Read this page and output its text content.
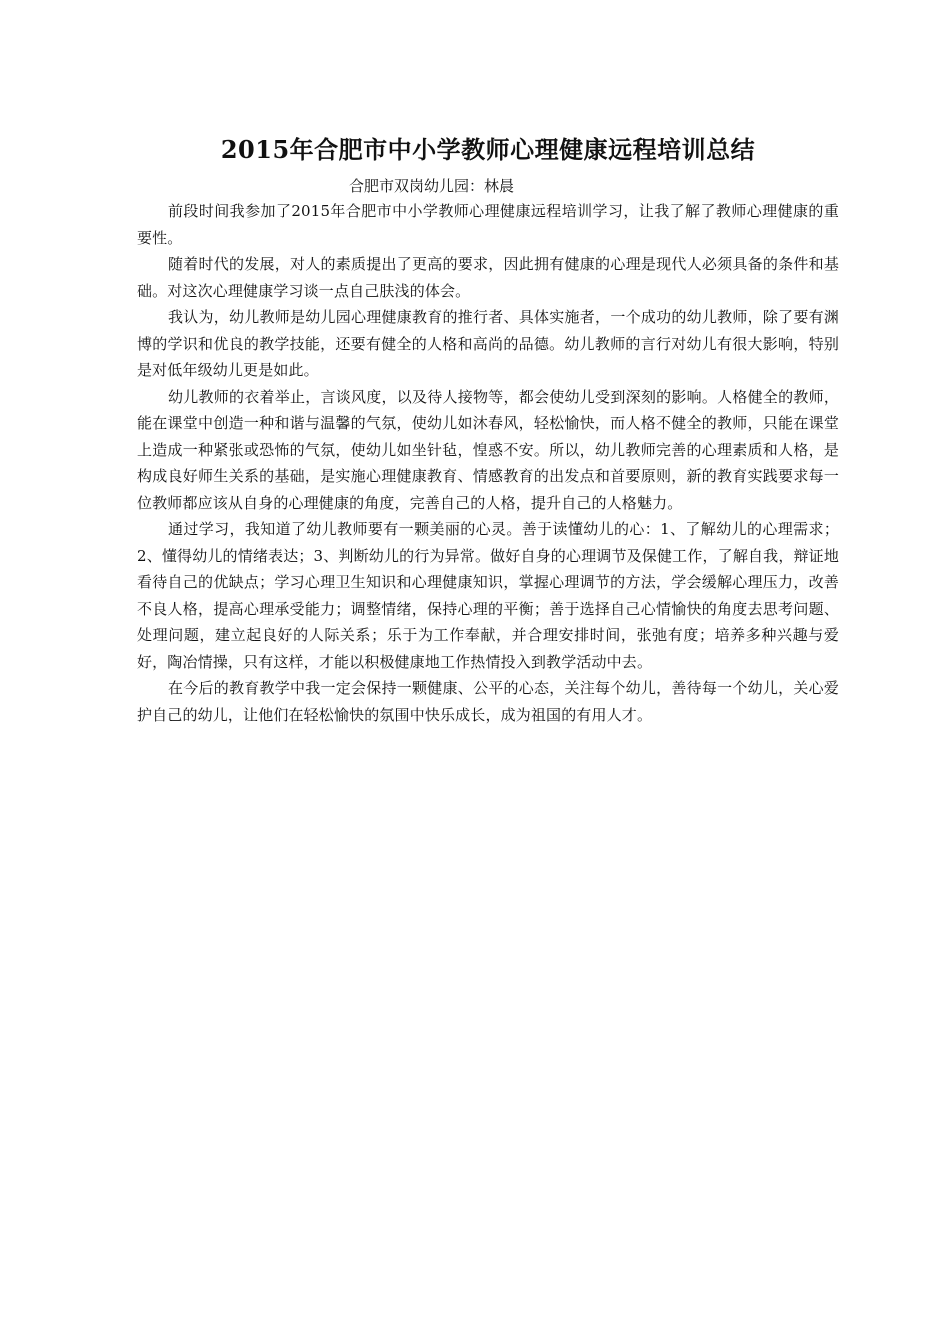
2015年合肥市中小学教师心理健康远程培训总结

合肥市双岗幼儿园：林晨

前段时间我参加了2015年合肥市中小学教师心理健康远程培训学习，让我了解了教师心理健康的重要性。

随着时代的发展，对人的素质提出了更高的要求，因此拥有健康的心理是现代人必须具备的条件和基础。对这次心理健康学习谈一点自己肤浅的体会。

我认为，幼儿教师是幼儿园心理健康教育的推行者、具体实施者，一个成功的幼儿教师，除了要有渊博的学识和优良的教学技能，还要有健全的人格和高尚的品德。幼儿教师的言行对幼儿有很大影响，特别是对低年级幼儿更是如此。

幼儿教师的衣着举止，言谈风度，以及待人接物等，都会使幼儿受到深刻的影响。人格健全的教师，能在课堂中创造一种和谐与温馨的气氛，使幼儿如沐春风，轻松愉快，而人格不健全的教师，只能在课堂上造成一种紧张或恐怖的气氛，使幼儿如坐针毡，惶惑不安。所以，幼儿教师完善的心理素质和人格，是构成良好师生关系的基础，是实施心理健康教育、情感教育的出发点和首要原则，新的教育实践要求每一位教师都应该从自身的心理健康的角度，完善自己的人格，提升自己的人格魅力。

通过学习，我知道了幼儿教师要有一颗美丽的心灵。善于读懂幼儿的心：1、了解幼儿的心理需求；2、懂得幼儿的情绪表达；3、判断幼儿的行为异常。做好自身的心理调节及保健工作，了解自我，辩证地看待自己的优缺点；学习心理卫生知识和心理健康知识，掌握心理调节的方法，学会缓解心理压力，改善不良人格，提高心理承受能力；调整情绪，保持心理的平衡；善于选择自己心情愉快的角度去思考问题、处理问题，建立起良好的人际关系；乐于为工作奉献，并合理安排时间，张弛有度；培养多种兴趣与爱好，陶冶情操，只有这样，才能以积极健康地工作热情投入到教学活动中去。

在今后的教育教学中我一定会保持一颗健康、公平的心态，关注每个幼儿，善待每一个幼儿，关心爱护自己的幼儿，让他们在轻松愉快的氛围中快乐成长，成为祖国的有用人才。
